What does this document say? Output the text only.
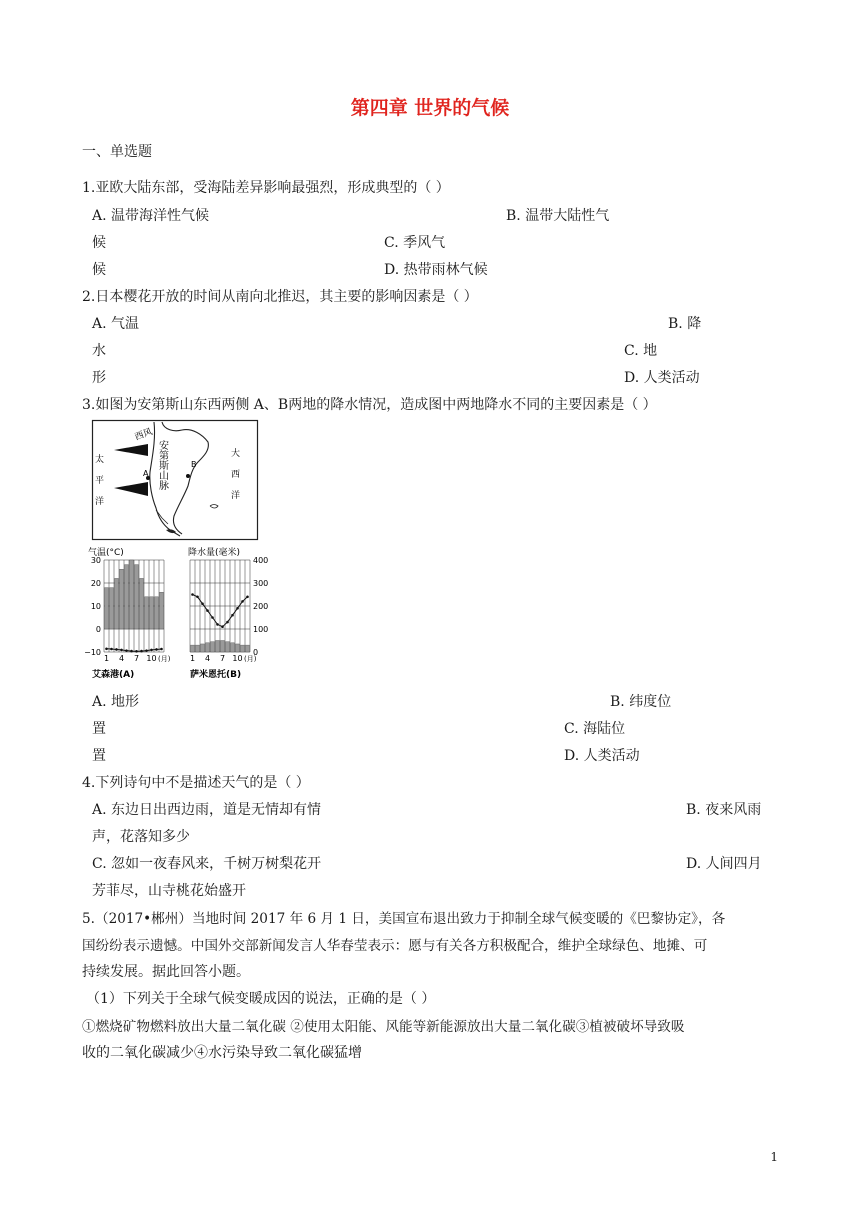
第四章 世界的气候
一、单选题
1.亚欧大陆东部，受海陆差异影响最强烈，形成典型的（ ）
A. 温带海洋性气候	B. 温带大陆性气
候	C. 季风气
候	D. 热带雨林气候
2.日本樱花开放的时间从南向北推迟，其主要的影响因素是（ ）
A. 气温	B. 降
水	C. 地
形	D. 人类活动
3.如图为安第斯山东西两侧 A、B两地的降水情况，造成图中两地降水不同的主要因素是（ ）
西风
安第斯山脉
太平洋	大西洋
A
B
气温(°C)	降水量(毫米)
30
20
10
0
−10
1 4 7 10 (月)
400
300
200
100
0
1 4 7 10 (月)
艾森港(A)	萨米恩托(B)
A. 地形	B. 纬度位
置	C. 海陆位
置	D. 人类活动
4.下列诗句中不是描述天气的是（ ）
A. 东边日出西边雨，道是无情却有情	B. 夜来风雨
声，花落知多少
C. 忽如一夜春风来，千树万树梨花开	D. 人间四月
芳菲尽，山寺桃花始盛开
5.（2017•郴州）当地时间 2017 年 6 月 1 日，美国宣布退出致力于抑制全球气候变暖的《巴黎协定》，各
国纷纷表示遗憾。中国外交部新闻发言人华春莹表示：愿与有关各方积极配合，维护全球绿色、地摊、可
持续发展。据此回答小题。
（1）下列关于全球气候变暖成因的说法，正确的是（ ）
①燃烧矿物燃料放出大量二氧化碳 ②使用太阳能、风能等新能源放出大量二氧化碳③植被破坏导致吸
收的二氧化碳减少④水污染导致二氧化碳猛增
1
